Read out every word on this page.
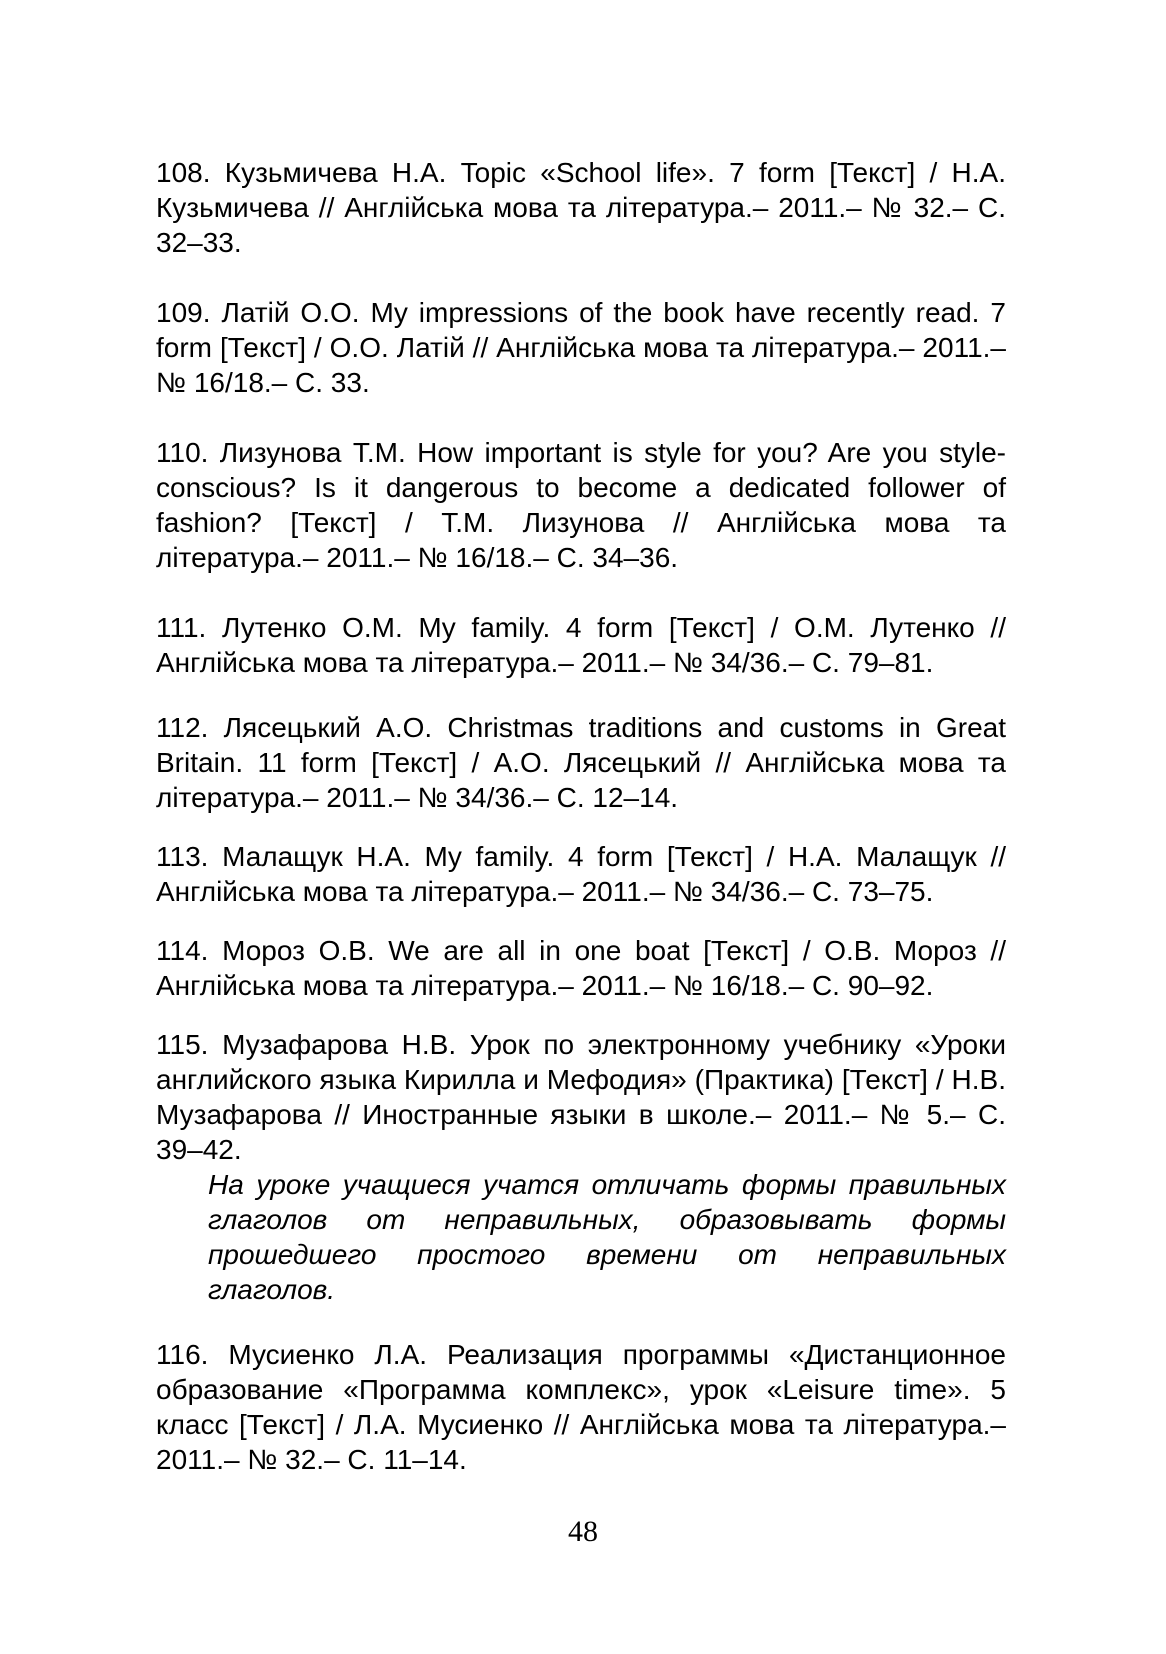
108. Кузьмичева Н.А. Topic «School life». 7 form [Текст] / Н.А. Кузьмичева // Англійська мова та література.– 2011.– № 32.– С. 32–33.

109. Латій О.О. My impressions of the book have recently read. 7 form [Текст] / О.О. Латій // Англійська мова та література.– 2011.– № 16/18.– С. 33.

110. Лизунова Т.М. How important is style for you? Are you style-conscious? Is it dangerous to become a dedicated follower of fashion? [Текст] / Т.М. Лизунова // Англійська мова та література.– 2011.– № 16/18.– С. 34–36.

111. Лутенко О.М. My family. 4 form [Текст] / О.М. Лутенко // Англійська мова та література.– 2011.– № 34/36.– С. 79–81.

112. Лясецький А.О. Christmas traditions and customs in Great Britain. 11 form [Текст] / А.О. Лясецький // Англійська мова та література.– 2011.– № 34/36.– С. 12–14.

113. Малащук Н.А. My family. 4 form [Текст] / Н.А. Малащук // Англійська мова та література.– 2011.– № 34/36.– С. 73–75.

114. Мороз О.В. We are all in one boat [Текст] / О.В. Мороз // Англійська мова та література.– 2011.– № 16/18.– С. 90–92.

115. Музафарова Н.В. Урок по электронному учебнику «Уроки английского языка Кирилла и Мефодия» (Практика) [Текст] / Н.В. Музафарова // Иностранные языки в школе.– 2011.– № 5.– С. 39–42.

На уроке учащиеся учатся отличать формы правильных глаголов от неправильных, образовывать формы прошедшего простого времени от неправильных глаголов.

116. Мусиенко Л.А. Реализация программы «Дистанционное образование «Программа комплекс», урок «Leisure time». 5 класс [Текст] / Л.А. Мусиенко // Англійська мова та література.– 2011.– № 32.– С. 11–14.

48
